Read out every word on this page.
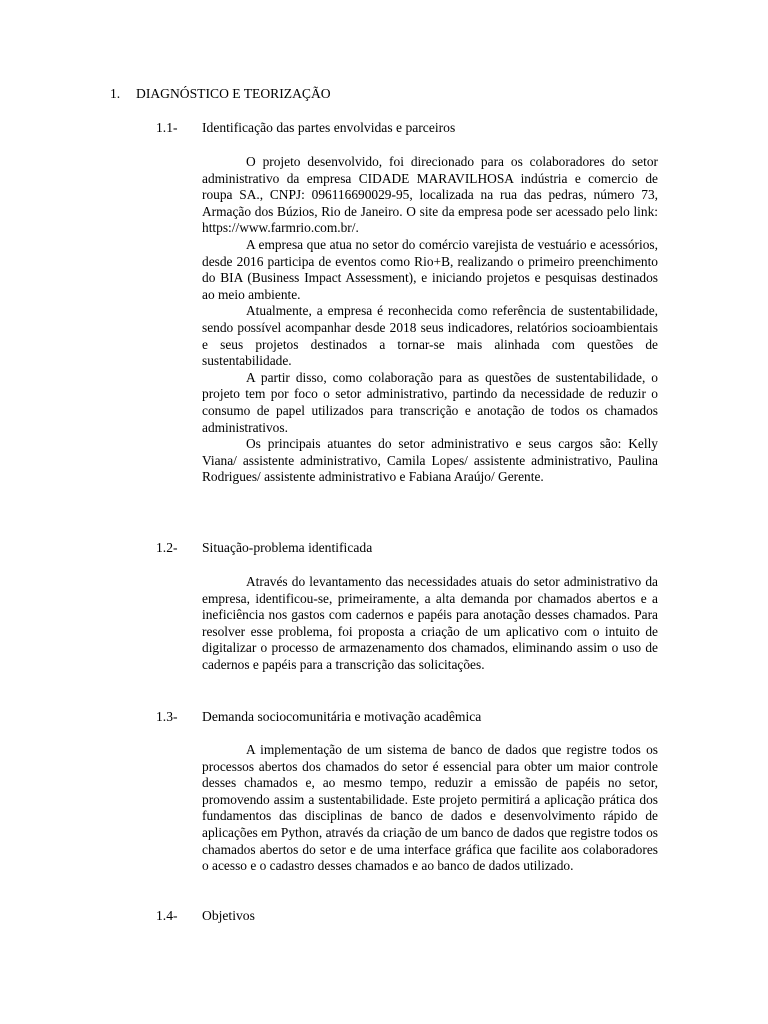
1. DIAGNÓSTICO E TEORIZAÇÃO
1.1- Identificação das partes envolvidas e parceiros

O projeto desenvolvido, foi direcionado para os colaboradores do setor administrativo da empresa CIDADE MARAVILHOSA indústria e comercio de roupa SA., CNPJ: 096116690029-95, localizada na rua das pedras, número 73, Armação dos Búzios, Rio de Janeiro. O site da empresa pode ser acessado pelo link: https://www.farmrio.com.br/.

A empresa que atua no setor do comércio varejista de vestuário e acessórios, desde 2016 participa de eventos como Rio+B, realizando o primeiro preenchimento do BIA (Business Impact Assessment), e iniciando projetos e pesquisas destinados ao meio ambiente.

Atualmente, a empresa é reconhecida como referência de sustentabilidade, sendo possível acompanhar desde 2018 seus indicadores, relatórios socioambientais e seus projetos destinados a tornar-se mais alinhada com questões de sustentabilidade.

A partir disso, como colaboração para as questões de sustentabilidade, o projeto tem por foco o setor administrativo, partindo da necessidade de reduzir o consumo de papel utilizados para transcrição e anotação de todos os chamados administrativos.

Os principais atuantes do setor administrativo e seus cargos são: Kelly Viana/ assistente administrativo, Camila Lopes/ assistente administrativo, Paulina Rodrigues/ assistente administrativo e Fabiana Araújo/ Gerente.

1.2- Situação-problema identificada

Através do levantamento das necessidades atuais do setor administrativo da empresa, identificou-se, primeiramente, a alta demanda por chamados abertos e a ineficiência nos gastos com cadernos e papéis para anotação desses chamados. Para resolver esse problema, foi proposta a criação de um aplicativo com o intuito de digitalizar o processo de armazenamento dos chamados, eliminando assim o uso de cadernos e papéis para a transcrição das solicitações.

1.3- Demanda sociocomunitária e motivação acadêmica

A implementação de um sistema de banco de dados que registre todos os processos abertos dos chamados do setor é essencial para obter um maior controle desses chamados e, ao mesmo tempo, reduzir a emissão de papéis no setor, promovendo assim a sustentabilidade. Este projeto permitirá a aplicação prática dos fundamentos das disciplinas de banco de dados e desenvolvimento rápido de aplicações em Python, através da criação de um banco de dados que registre todos os chamados abertos do setor e de uma interface gráfica que facilite aos colaboradores o acesso e o cadastro desses chamados e ao banco de dados utilizado.

1.4- Objetivos
